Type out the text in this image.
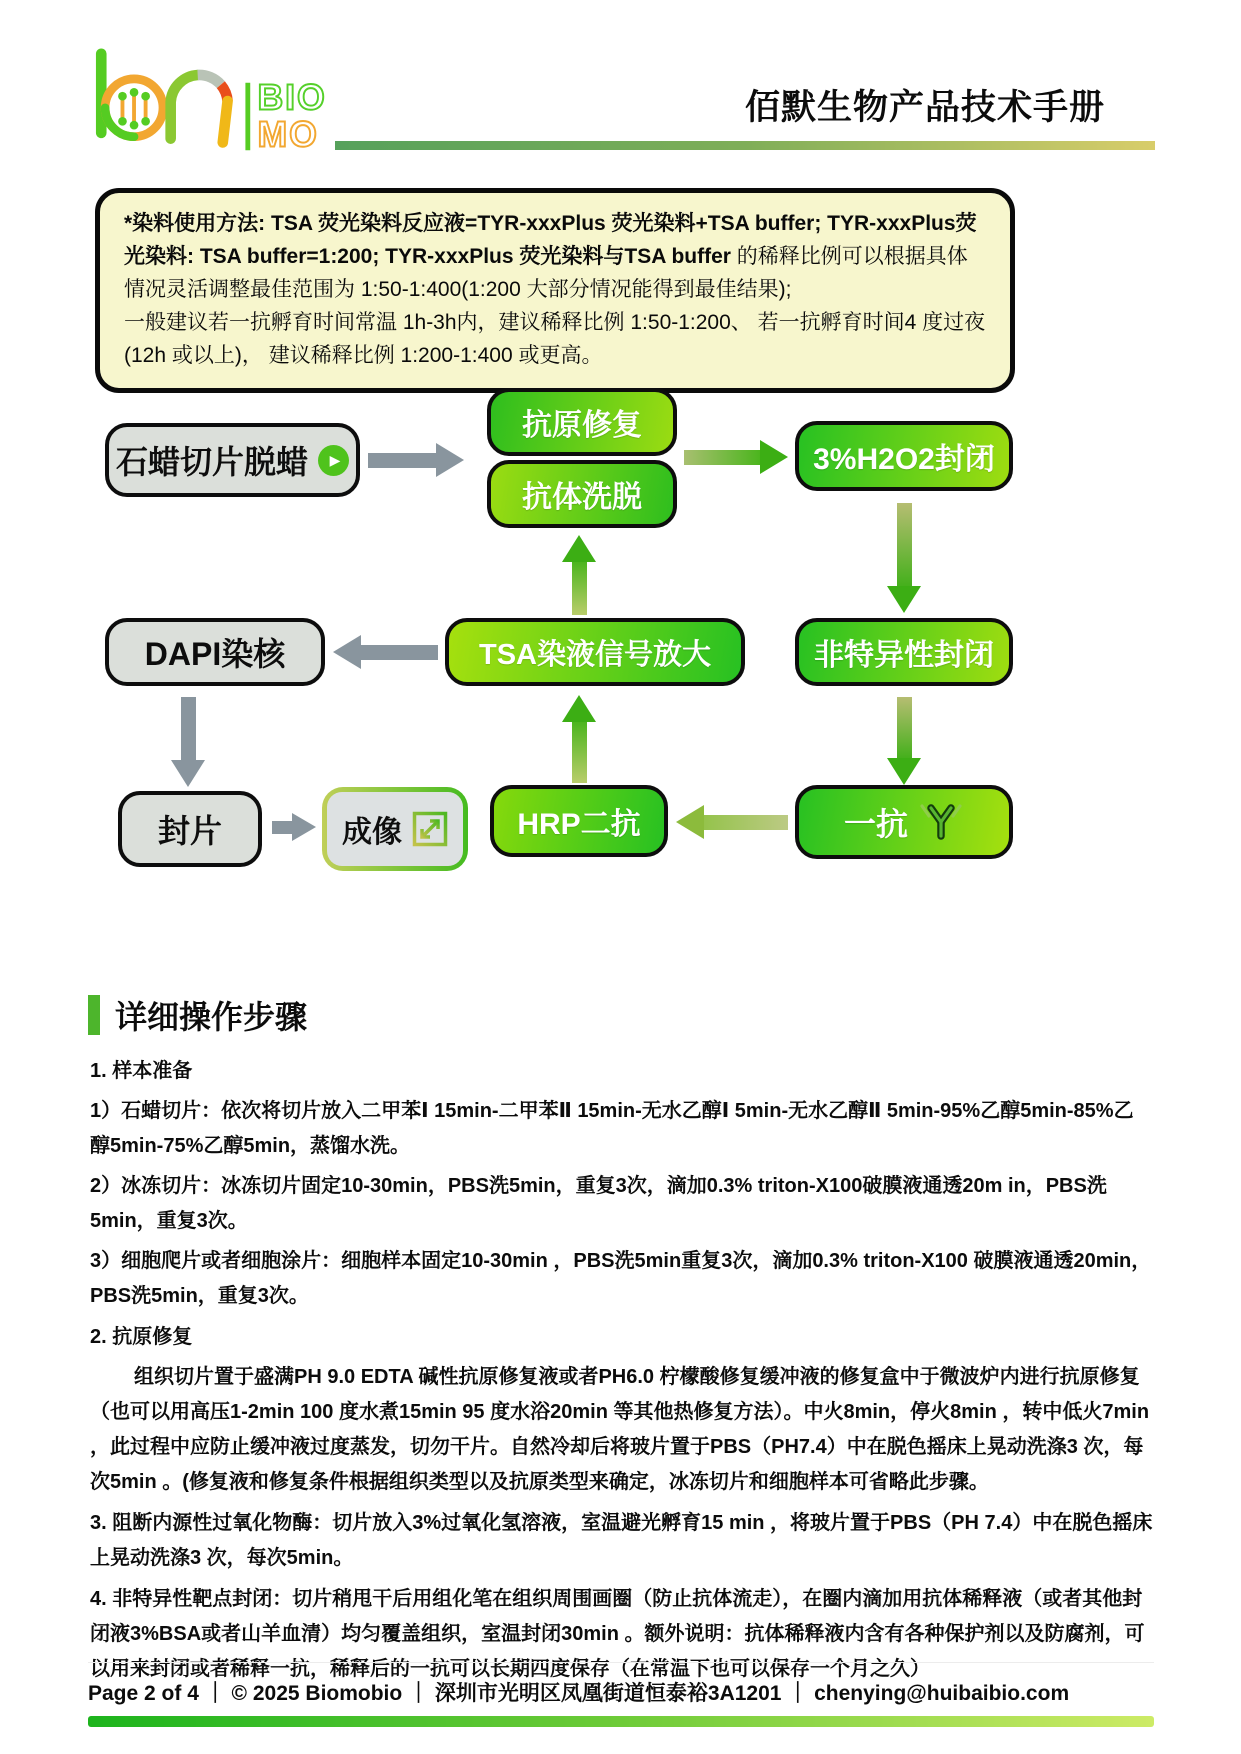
BIO
MO
佰默生物产品技术手册

*染料使用方法: TSA 荧光染料反应液=TYR-xxxPlus 荧光染料+TSA buffer; TYR-xxxPlus荧光染料: TSA buffer=1:200; TYR-xxxPlus 荧光染料与TSA buffer 的稀释比例可以根据具体情况灵活调整最佳范围为 1:50-1:400(1:200 大部分情况能得到最佳结果);

一般建议若一抗孵育时间常温 1h-3h内，建议稀释比例 1:50-1:200、 若一抗孵育时间4 度过夜(12h 或以上)， 建议稀释比例 1:200-1:400 或更高。

石蜡切片脱蜡	▶
抗原修复
抗体洗脱
3%H2O2封闭
DAPI染核	TSA染液信号放大	非特异性封闭
封片	成像	HRP二抗	一抗
详细操作步骤

1. 样本准备

1）石蜡切片：依次将切片放入二甲苯Ⅰ 15min-二甲苯Ⅱ 15min-无水乙醇Ⅰ 5min-无水乙醇Ⅱ 5min-95%乙醇5min-85%乙醇5min-75%乙醇5min，蒸馏水洗。

2）冰冻切片：冰冻切片固定10-30min，PBS洗5min，重复3次，滴加0.3% triton-X100破膜液通透20m in，PBS洗5min，重复3次。

3）细胞爬片或者细胞涂片：细胞样本固定10-30min ，PBS洗5min重复3次，滴加0.3% triton-X100 破膜液通透20min，PBS洗5min，重复3次。

2. 抗原修复

组织切片置于盛满PH 9.0 EDTA 碱性抗原修复液或者PH6.0 柠檬酸修复缓冲液的修复盒中于微波炉内进行抗原修复（也可以用高压1-2min 100 度水煮15min 95 度水浴20min 等其他热修复方法）。中火8min，停火8min ，转中低火7min ，此过程中应防止缓冲液过度蒸发，切勿干片。自然冷却后将玻片置于PBS（PH7.4）中在脱色摇床上晃动洗涤3 次，每次5min 。(修复液和修复条件根据组织类型以及抗原类型来确定，冰冻切片和细胞样本可省略此步骤。

3. 阻断内源性过氧化物酶：切片放入3%过氧化氢溶液，室温避光孵育15 min ，将玻片置于PBS（PH 7.4）中在脱色摇床上晃动洗涤3 次，每次5min。

4. 非特异性靶点封闭：切片稍甩干后用组化笔在组织周围画圈（防止抗体流走），在圈内滴加用抗体稀释液（或者其他封闭液3%BSA或者山羊血清）均匀覆盖组织，室温封闭30min 。额外说明：抗体稀释液内含有各种保护剂以及防腐剂，可以用来封闭或者稀释一抗，稀释后的一抗可以长期四度保存（在常温下也可以保存一个月之久）

Page 2 of 4 ｜ © 2025 Biomobio ｜ 深圳市光明区凤凰街道恒泰裕3A1201 ｜ chenying@huibaibio.com
